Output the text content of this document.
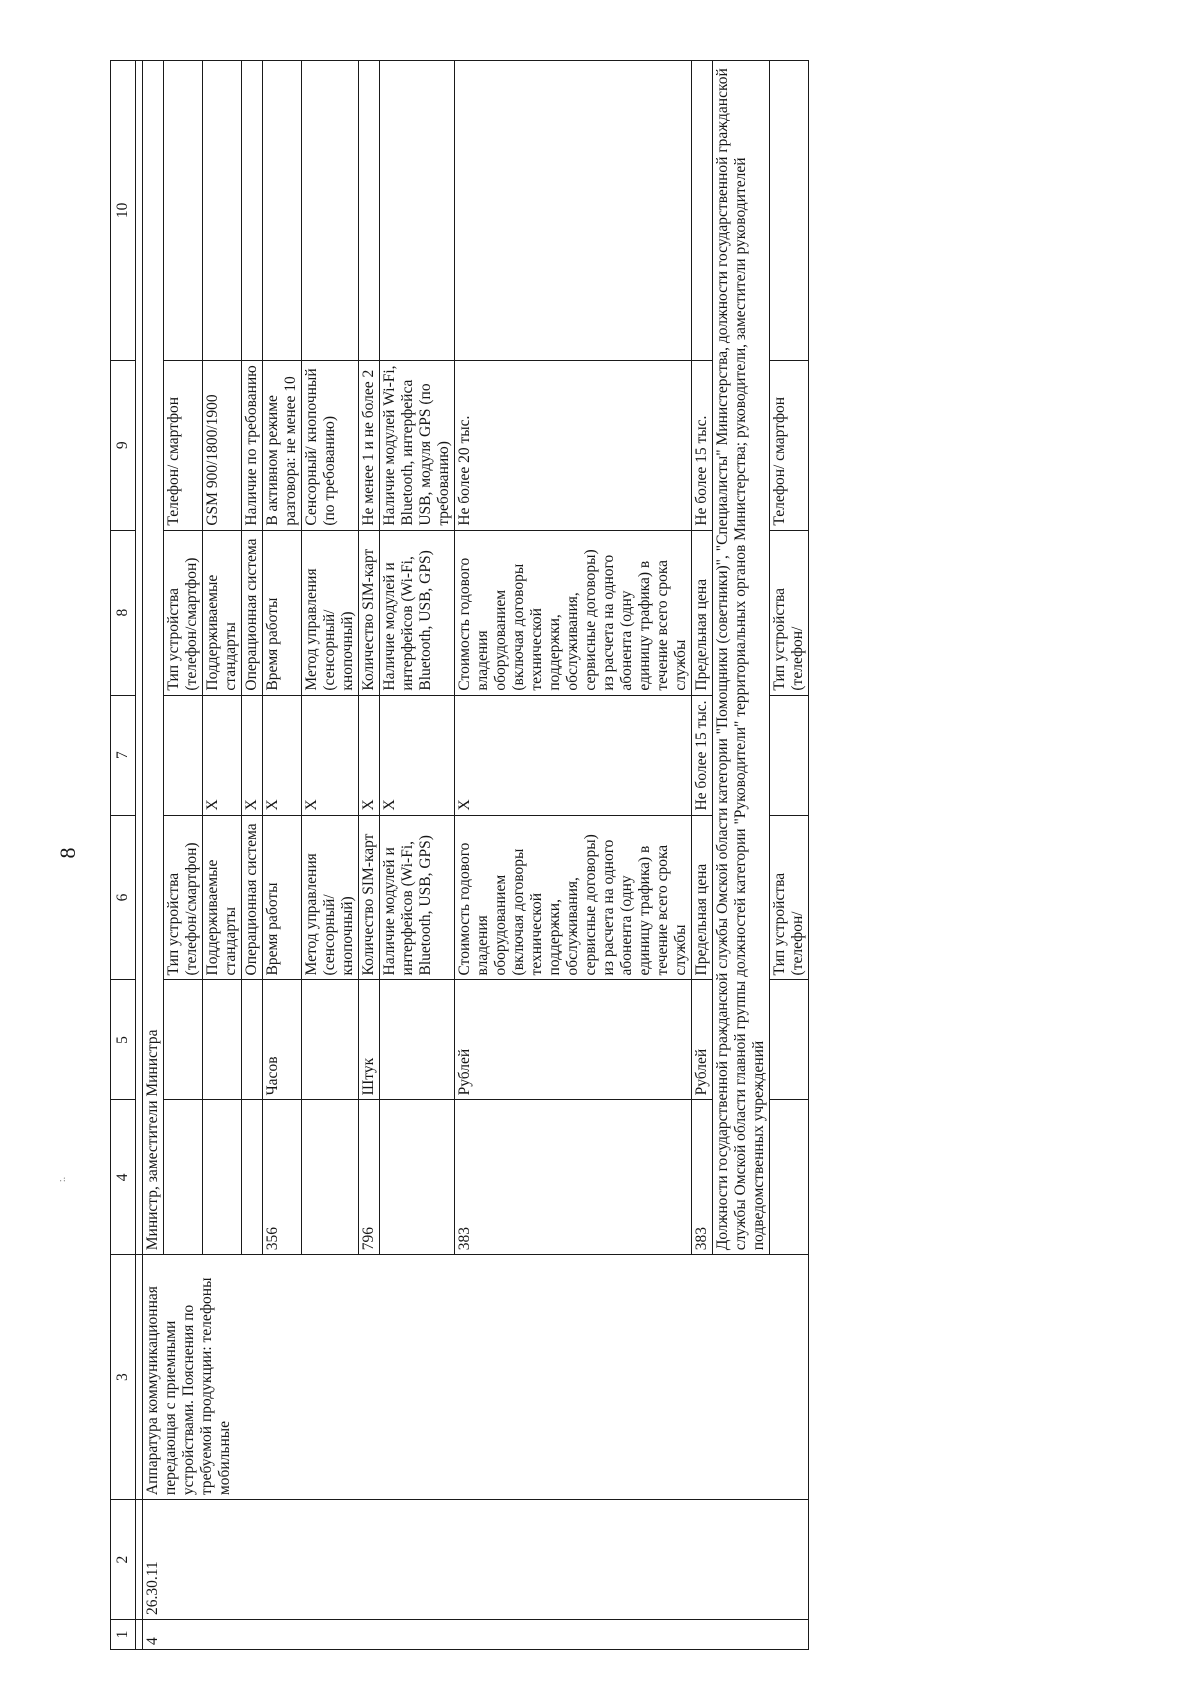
8
:.
1	2	3	4	5	6	7	8	9	10

4	26.30.11	Аппаратура коммуникационная передающая с приемными устройствами. Пояснения по требуемой продукции: телефоны мобильные	Министр, заместители Министра						
					Тип устройства (телефон/смартфон)		Тип устройства (телефон/смартфон)	Телефон/ смартфон	
					Поддерживаемые стандарты	X	Поддерживаемые стандарты	GSM 900/1800/1900	
					Операционная система	X	Операционная система	Наличие по требованию	
			356	Часов	Время работы	X	Время работы	В активном режиме разговора: не менее 10	
					Метод управления (сенсорный/ кнопочный)	X	Метод управления (сенсорный/ кнопочный)	Сенсорный/ кнопочный (по требованию)	
			796	Штук	Количество SIM-карт	X	Количество SIM-карт	Не менее 1 и не более 2	
					Наличие модулей и интерфейсов (Wi-Fi, Bluetooth, USB, GPS)	X	Наличие модулей и интерфейсов (Wi-Fi, Bluetooth, USB, GPS)	Наличие модулей Wi-Fi, Bluetooth, интерфейса USB, модуля GPS (по требованию)	
			383	Рублей	Стоимость годового владения оборудованием (включая договоры технической поддержки, обслуживания, сервисные договоры) из расчета на одного абонента (одну единицу трафика) в течение всего срока службы	X	Стоимость годового владения оборудованием (включая договоры технической поддержки, обслуживания, сервисные договоры) из расчета на одного абонента (одну единицу трафика) в течение всего срока службы	Не более 20 тыс.	
			383	Рублей	Предельная цена	Не более 15 тыс.	Предельная цена	Не более 15 тыс.	
			Должности государственной гражданской службы Омской области категории "Помощники (советники)", "Специалисты" Министерства, должности государственной гражданской службы Омской области главной группы должностей категории "Руководители" территориальных органов Министерства; руководители, заместители руководителей подведомственных учреждений						
					Тип устройства (телефон/		Тип устройства (телефон/	Телефон/ смартфон	
